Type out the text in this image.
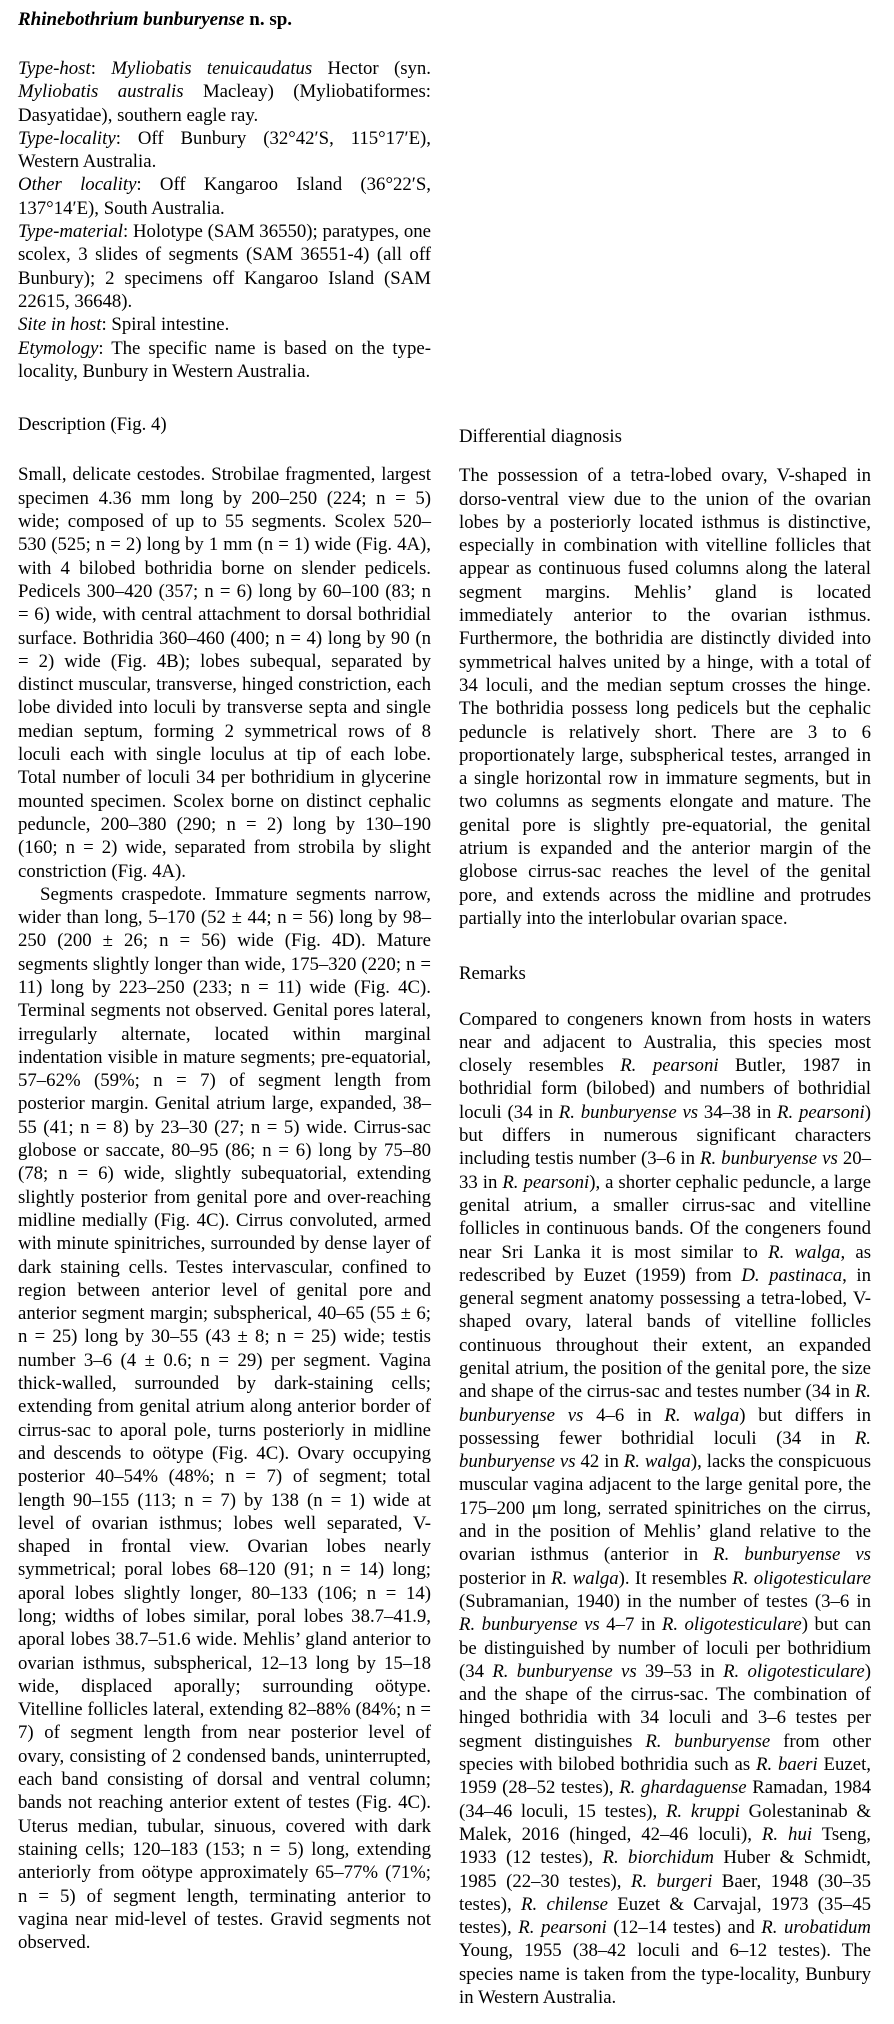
Rhinebothrium bunburyense n. sp.

Type-host: Myliobatis tenuicaudatus Hector (syn. Myliobatis australis Macleay) (Myliobatiformes: Dasyatidae), southern eagle ray.

Type-locality: Off Bunbury (32°42′S, 115°17′E), Western Australia.

Other locality: Off Kangaroo Island (36°22′S, 137°14′E), South Australia.

Type-material: Holotype (SAM 36550); paratypes, one scolex, 3 slides of segments (SAM 36551-4) (all off Bunbury); 2 specimens off Kangaroo Island (SAM 22615, 36648).

Site in host: Spiral intestine.

Etymology: The specific name is based on the type-locality, Bunbury in Western Australia.

Description (Fig. 4)

Small, delicate cestodes. Strobilae fragmented, largest specimen 4.36 mm long by 200–250 (224; n = 5) wide; composed of up to 55 segments. Scolex 520–530 (525; n = 2) long by 1 mm (n = 1) wide (Fig. 4A), with 4 bilobed bothridia borne on slender pedicels. Pedicels 300–420 (357; n = 6) long by 60–100 (83; n = 6) wide, with central attachment to dorsal bothridial surface. Bothridia 360–460 (400; n = 4) long by 90 (n = 2) wide (Fig. 4B); lobes subequal, separated by distinct muscular, transverse, hinged constriction, each lobe divided into loculi by transverse septa and single median septum, forming 2 symmetrical rows of 8 loculi each with single loculus at tip of each lobe. Total number of loculi 34 per bothridium in glycerine mounted specimen. Scolex borne on distinct cephalic peduncle, 200–380 (290; n = 2) long by 130–190 (160; n = 2) wide, separated from strobila by slight constriction (Fig. 4A).

Segments craspedote. Immature segments narrow, wider than long, 5–170 (52 ± 44; n = 56) long by 98–250 (200 ± 26; n = 56) wide (Fig. 4D). Mature segments slightly longer than wide, 175–320 (220; n = 11) long by 223–250 (233; n = 11) wide (Fig. 4C). Terminal segments not observed. Genital pores lateral, irregularly alternate, located within marginal indentation visible in mature segments; pre-equatorial, 57–62% (59%; n = 7) of segment length from posterior margin. Genital atrium large, expanded, 38–55 (41; n = 8) by 23–30 (27; n = 5) wide. Cirrus-sac globose or saccate, 80–95 (86; n = 6) long by 75–80 (78; n = 6) wide, slightly subequatorial, extending slightly posterior from genital pore and over-reaching midline medially (Fig. 4C). Cirrus convoluted, armed with minute spinitriches, surrounded by dense layer of dark staining cells. Testes intervascular, confined to region between anterior level of genital pore and anterior segment margin; subspherical, 40–65 (55 ± 6; n = 25) long by 30–55 (43 ± 8; n = 25) wide; testis number 3–6 (4 ± 0.6; n = 29) per segment. Vagina thick-walled, surrounded by dark-staining cells; extending from genital atrium along anterior border of cirrus-sac to aporal pole, turns posteriorly in midline and descends to oötype (Fig. 4C). Ovary occupying posterior 40–54% (48%; n = 7) of segment; total length 90–155 (113; n = 7) by 138 (n = 1) wide at level of ovarian isthmus; lobes well separated, V-shaped in frontal view. Ovarian lobes nearly symmetrical; poral lobes 68–120 (91; n = 14) long; aporal lobes slightly longer, 80–133 (106; n = 14) long; widths of lobes similar, poral lobes 38.7–41.9, aporal lobes 38.7–51.6 wide. Mehlis’ gland anterior to ovarian isthmus, subspherical, 12–13 long by 15–18 wide, displaced aporally; surrounding oötype. Vitelline follicles lateral, extending 82–88% (84%; n = 7) of segment length from near posterior level of ovary, consisting of 2 condensed bands, uninterrupted, each band consisting of dorsal and ventral column; bands not reaching anterior extent of testes (Fig. 4C). Uterus median, tubular, sinuous, covered with dark staining cells; 120–183 (153; n = 5) long, extending anteriorly from oötype approximately 65–77% (71%; n = 5) of segment length, terminating anterior to vagina near mid-level of testes. Gravid segments not observed.

Differential diagnosis

The possession of a tetra-lobed ovary, V-shaped in dorso-ventral view due to the union of the ovarian lobes by a posteriorly located isthmus is distinctive, especially in combination with vitelline follicles that appear as continuous fused columns along the lateral segment margins. Mehlis’ gland is located immediately anterior to the ovarian isthmus. Furthermore, the bothridia are distinctly divided into symmetrical halves united by a hinge, with a total of 34 loculi, and the median septum crosses the hinge. The bothridia possess long pedicels but the cephalic peduncle is relatively short. There are 3 to 6 proportionately large, subspherical testes, arranged in a single horizontal row in immature segments, but in two columns as segments elongate and mature. The genital pore is slightly pre-equatorial, the genital atrium is expanded and the anterior margin of the globose cirrus-sac reaches the level of the genital pore, and extends across the midline and protrudes partially into the interlobular ovarian space.

Remarks

Compared to congeners known from hosts in waters near and adjacent to Australia, this species most closely resembles R. pearsoni Butler, 1987 in bothridial form (bilobed) and numbers of bothridial loculi (34 in R. bunburyense vs 34–38 in R. pearsoni) but differs in numerous significant characters including testis number (3–6 in R. bunburyense vs 20–33 in R. pearsoni), a shorter cephalic peduncle, a large genital atrium, a smaller cirrus-sac and vitelline follicles in continuous bands. Of the congeners found near Sri Lanka it is most similar to R. walga, as redescribed by Euzet (1959) from D. pastinaca, in general segment anatomy possessing a tetra-lobed, V-shaped ovary, lateral bands of vitelline follicles continuous throughout their extent, an expanded genital atrium, the position of the genital pore, the size and shape of the cirrus-sac and testes number (34 in R. bunburyense vs 4–6 in R. walga) but differs in possessing fewer bothridial loculi (34 in R. bunburyense vs 42 in R. walga), lacks the conspicuous muscular vagina adjacent to the large genital pore, the 175–200 μm long, serrated spinitriches on the cirrus, and in the position of Mehlis’ gland relative to the ovarian isthmus (anterior in R. bunburyense vs posterior in R. walga). It resembles R. oligotesticulare (Subramanian, 1940) in the number of testes (3–6 in R. bunburyense vs 4–7 in R. oligotesticulare) but can be distinguished by number of loculi per bothridium (34 R. bunburyense vs 39–53 in R. oligotesticulare) and the shape of the cirrus-sac. The combination of hinged bothridia with 34 loculi and 3–6 testes per segment distinguishes R. bunburyense from other species with bilobed bothridia such as R. baeri Euzet, 1959 (28–52 testes), R. ghardaguense Ramadan, 1984 (34–46 loculi, 15 testes), R. kruppi Golestaninab & Malek, 2016 (hinged, 42–46 loculi), R. hui Tseng, 1933 (12 testes), R. biorchidum Huber & Schmidt, 1985 (22–30 testes), R. burgeri Baer, 1948 (30–35 testes), R. chilense Euzet & Carvajal, 1973 (35–45 testes), R. pearsoni (12–14 testes) and R. urobatidum Young, 1955 (38–42 loculi and 6–12 testes). The species name is taken from the type-locality, Bunbury in Western Australia.
